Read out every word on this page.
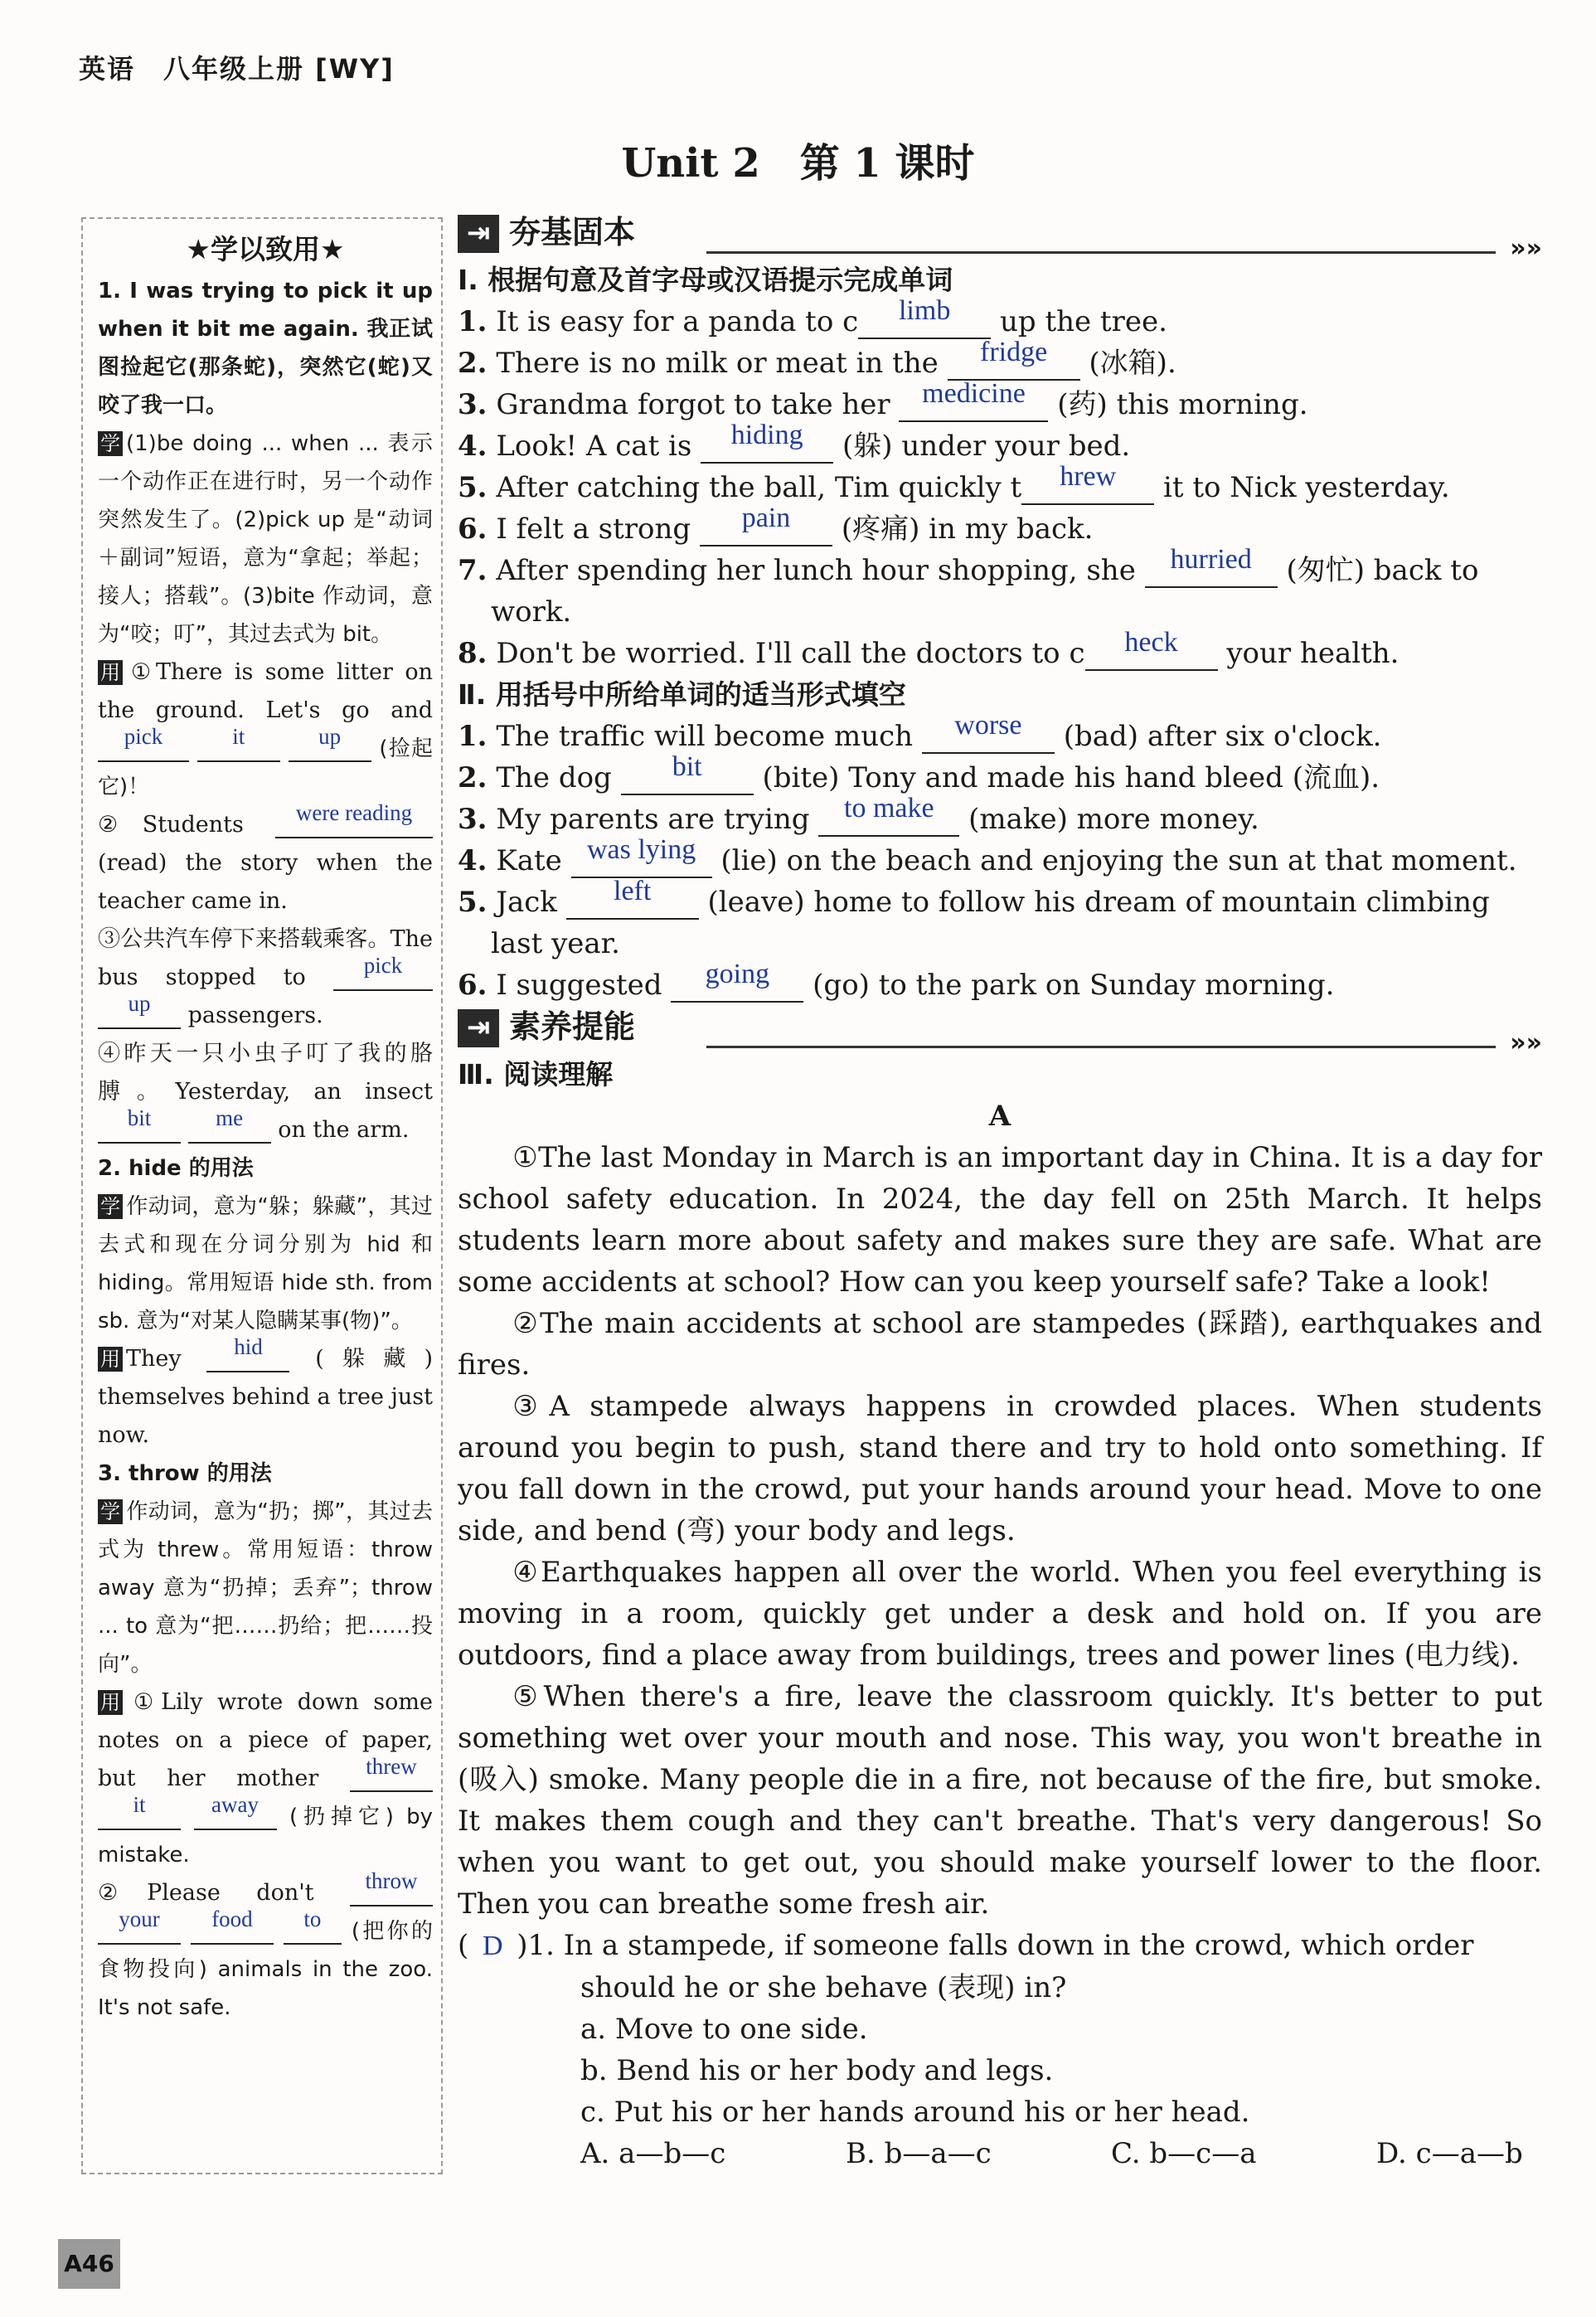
英语　八年级上册 [WY]
Unit 2　第 1 课时
★学以致用★

1. I was trying to pick it up when it bit me again. 我正试图捡起它(那条蛇)，突然它(蛇)又咬了我一口。

学 (1)be doing ... when ... 表示一个动作正在进行时，另一个动作突然发生了。(2)pick up 是“动词＋副词”短语，意为“拿起；举起；接人；搭载”。(3)bite 作动词，意为“咬；叮”，其过去式为 bit。

用 ①There is some litter on the ground. Let's go and pick	it	up (捡起它)！

②Students were reading (read) the story when the teacher came in.

③公共汽车停下来搭载乘客。The bus stopped to	pick up passengers.

④昨天一只小虫子叮了我的胳膊。Yesterday, an insect bit	me on the arm.

2. hide 的用法

学 作动词，意为“躲；躲藏”，其过去式和现在分词分别为 hid 和 hiding。常用短语 hide sth. from sb. 意为“对某人隐瞒某事(物)”。

用 They hid (躲藏) themselves behind a tree just now.

3. throw 的用法

学 作动词，意为“扔；掷”，其过去式为 threw。常用短语：throw away 意为“扔掉；丢弃”；throw ... to 意为“把……扔给；把……投向”。

用 ①Lily wrote down some notes on a piece of paper, but her mother threw it	away (扔掉它) by mistake.

②Please don't throw your food to (把你的食物投向) animals in the zoo. It's not safe.

⇥ 夯基固本	»»
Ⅰ. 根据句意及首字母或汉语提示完成单词

1. It is easy for a panda to c limb up the tree.

2. There is no milk or meat in the fridge (冰箱).

3. Grandma forgot to take her medicine (药) this morning.

4. Look! A cat is hiding (躲) under your bed.

5. After catching the ball, Tim quickly t hrew it to Nick yesterday.

6. I felt a strong pain (疼痛) in my back.

7. After spending her lunch hour shopping, she hurried (匆忙) back to

work.

8. Don't be worried. I'll call the doctors to c heck your health.

Ⅱ. 用括号中所给单词的适当形式填空

1. The traffic will become much worse (bad) after six o'clock.

2. The dog bit (bite) Tony and made his hand bleed (流血).

3. My parents are trying to make (make) more money.

4. Kate was lying (lie) on the beach and enjoying the sun at that moment.

5. Jack left (leave) home to follow his dream of mountain climbing

last year.

6. I suggested going (go) to the park on Sunday morning.

⇥ 素养提能	»»
Ⅲ. 阅读理解
A

①The last Monday in March is an important day in China. It is a day for school safety education. In 2024, the day fell on 25th March. It helps students learn more about safety and makes sure they are safe. What are some accidents at school? How can you keep yourself safe? Take a look!

②The main accidents at school are stampedes (踩踏), earthquakes and fires.

③A stampede always happens in crowded places. When students around you begin to push, stand there and try to hold onto something. If you fall down in the crowd, put your hands around your head. Move to one side, and bend (弯) your body and legs.

④Earthquakes happen all over the world. When you feel everything is moving in a room, quickly get under a desk and hold on. If you are outdoors, find a place away from buildings, trees and power lines (电力线).

⑤When there's a fire, leave the classroom quickly. It's better to put something wet over your mouth and nose. This way, you won't breathe in (吸入) smoke. Many people die in a fire, not because of the fire, but smoke. It makes them cough and they can't breathe. That's very dangerous! So when you want to get out, you should make yourself lower to the floor. Then you can breathe some fresh air.

( D )1. In a stampede, if someone falls down in the crowd, which order

should he or she behave (表现) in?

a. Move to one side.

b. Bend his or her body and legs.

c. Put his or her hands around his or her head.

A. a—b—c	B. b—a—c	C. b—c—a	D. c—a—b

A46
